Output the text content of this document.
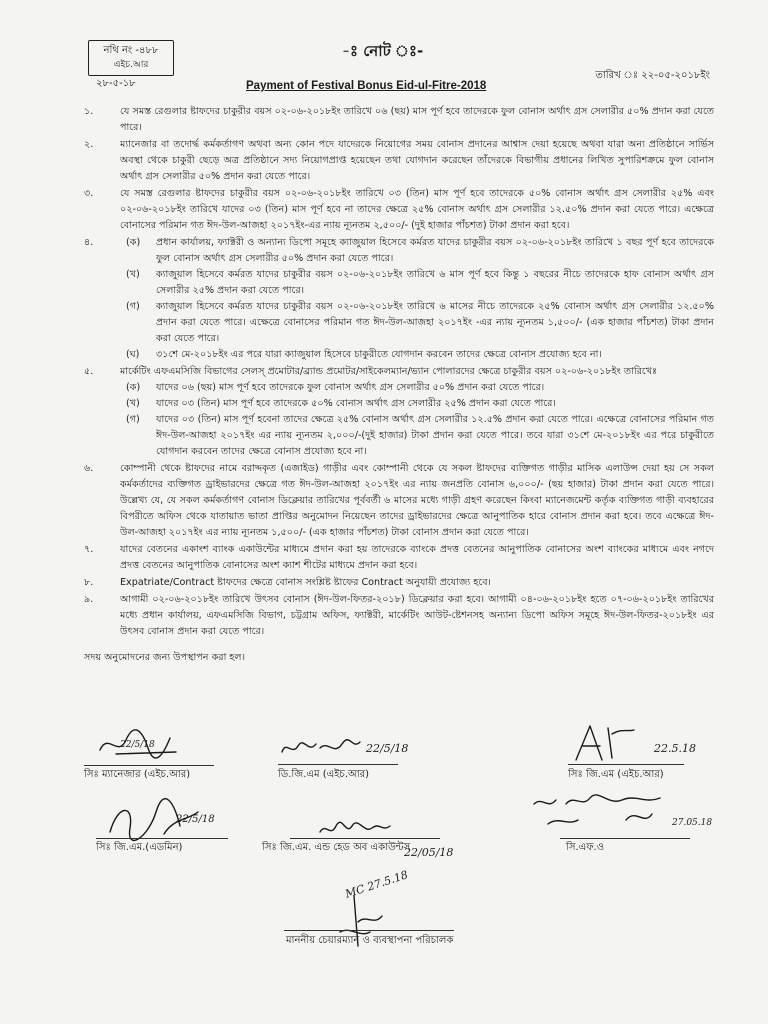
নথি নং -৪৮৮
এইচ.আর
২৮-৫-১৮
-ঃ নোট ঃ-
তারিখ ঃ ২২-০৫-২০১৮ইং
Payment of Festival Bonus Eid-ul-Fitre-2018
১.	যে সমস্ত রেগুলার ষ্টাফদের চাকুরীর বয়স ০২-০৬-২০১৮ইং তারিখে ০৬ (ছয়) মাস পূর্ণ হবে তাদেরকে ফুল বোনাস অর্থাৎ গ্রস সেলারীর ৫০% প্রদান করা যেতে পারে।
২.	ম্যানেজার বা তদোর্দ্ধ কর্মকর্তাগণ অথবা অন্য কোন পদে যাদেরকে নিয়োগের সময় বোনাস প্রদানের আশ্বাস দেয়া হয়েছে অথবা যারা অন্য প্রতিষ্ঠানে সার্ভিস অবস্থা থেকে চাকুরী ছেড়ে অত্র প্রতিষ্ঠানে সদ্য নিয়োগপ্রাপ্ত হয়েছেন তথা যোগদান করেছেন তাঁদেরকে বিভাগীয় প্রধানের লিখিত সুপারিশক্রমে ফুল বোনাস অর্থাৎ গ্রস সেলারীর ৫০% প্রদান করা যেতে পারে।
৩.	যে সমস্ত রেগুলার ষ্টাফদের চাকুরীর বয়স ০২-০৬-২০১৮ইং তারিখে ০৩ (তিন) মাস পূর্ণ হবে তাদেরকে ৫০% বোনাস অর্থাৎ গ্রস সেলারীর ২৫% এবং ০২-০৬-২০১৮ইং তারিখে যাদের ০৩ (তিন) মাস পূর্ণ হবে না তাদের ক্ষেত্রে ২৫% বোনাস অর্থাৎ গ্রস সেলারীর ১২.৫০% প্রদান করা যেতে পারে। এক্ষেত্রে বোনাসের পরিমান গত ঈদ-উল-আজহা ২০১৭ইং-এর ন্যায় ন্যূনতম ২,৫০০/- (দুই হাজার পাঁচশত) টাকা প্রদান করা হবে।
৪.	(ক) প্রধান কার্যালয়, ফ্যাক্টরী ও অন্যান্য ডিপো সমূহে ক্যাজুয়াল হিসেবে কর্মরত যাদের চাকুরীর বয়স ০২-০৬-২০১৮ইং তারিখে ১ বছর পূর্ণ হবে তাদেরকে ফুল বোনাস অর্থাৎ গ্রস সেলারীর ৫০% প্রদান করা যেতে পারে।
(খ) ক্যাজুয়াল হিসেবে কর্মরত যাদের চাকুরীর বয়স ০২-০৬-২০১৮ইং তারিখে ৬ মাস পূর্ণ হবে কিন্তু ১ বছরের নীচে তাদেরকে হাফ বোনাস অর্থাৎ গ্রস সেলারীর ২৫% প্রদান করা যেতে পারে।
(গ) ক্যাজুয়াল হিসেবে কর্মরত যাদের চাকুরীর বয়স ০২-০৬-২০১৮ইং তারিখে ৬ মাসের নীচে তাদেরকে ২৫% বোনাস অর্থাৎ গ্রস সেলারীর ১২.৫০% প্রদান করা যেতে পারে। এক্ষেত্রে বোনাসের পরিমান গত ঈদ-উল-আজহা ২০১৭ইং -এর ন্যায় ন্যূনতম ১,৫০০/- (এক হাজার পাঁচশত) টাকা প্রদান করা যেতে পারে।
(ঘ) ৩১শে মে-২০১৮ইং এর পরে যারা ক্যাজুয়াল হিসেবে চাকুরীতে যোগদান করবেন তাদের ক্ষেত্রে বোনাস প্রযোজ্য হবে না।
৫.	মার্কেটিং এফএমসিজি বিভাগের সেলস্ প্রমোটার/ব্র্যান্ড প্রমোটর/সাইকেলম্যান/ভ্যান পোলারদের ক্ষেত্রে চাকুরীর বয়স ০২-০৬-২০১৮ইং তারিখেঃ
(ক) যাদের ০৬ (ছয়) মাস পূর্ণ হবে তাদেরকে ফুল বোনাস অর্থাৎ গ্রস সেলারীর ৫০% প্রদান করা যেতে পারে।
(খ) যাদের ০৩ (তিন) মাস পূর্ণ হবে তাদেরকে ৫০% বোনাস অর্থাৎ গ্রস সেলারীর ২৫% প্রদান করা যেতে পারে।
(গ) যাদের ০৩ (তিন) মাস পূর্ণ হবেনা তাদের ক্ষেত্রে ২৫% বোনাস অর্থাৎ গ্রস সেলারীর ১২.৫% প্রদান করা যেতে পারে। এক্ষেত্রে বোনাসের পরিমান গত ঈদ-উল-আজহা ২০১৭ইং এর ন্যায় ন্যূনতম ২,০০০/-(দুই হাজার) টাকা প্রদান করা যেতে পারে। তবে যারা ৩১শে মে-২০১৮ইং এর পরে চাকুরীতে যোগদান করবেন তাদের ক্ষেত্রে বোনাস প্রযোজ্য হবে না।
৬.	কোম্পানী থেকে ষ্টাফদের নামে বরাদ্দকৃত (এজাইড) গাড়ীর এবং কোম্পানী থেকে যে সকল ষ্টাফদের ব্যক্তিগত গাড়ীর মাসিক এলাউন্স দেয়া হয় সে সকল কর্মকর্তাদের ব্যক্তিগত ড্রাইভারদের ক্ষেত্রে গত ঈদ-উল-আজহা ২০১৭ইং এর ন্যায় জনপ্রতি বোনাস ৬,০০০/- (ছয় হাজার) টাকা প্রদান করা যেতে পারে। উল্লেখ্য যে, যে সকল কর্মকর্তাগণ বোনাস ডিক্লেয়ার তারিখের পূর্ববর্তী ৬ মাসের মধ্যে গাড়ী গ্রহণ করেছেন কিংবা ম্যানেজমেন্ট কর্তৃক ব্যক্তিগত গাড়ী ব্যবহারের বিপরীতে অফিস থেকে যাতায়াত ভাতা প্রাপ্তির অনুমোদন নিয়েছেন তাদের ড্রাইভারদের ক্ষেত্রে আনুপাতিক হারে বোনাস প্রদান করা হবে। তবে এক্ষেত্রে ঈদ-উল-আজহা ২০১৭ইং এর ন্যায় ন্যূনতম ১,৫০০/- (এক হাজার পাঁচশত) টাকা বোনাস প্রদান করা যেতে পারে।
৭.	যাদের বেতনের একাংশ ব্যাংক একাউন্টের মাধ্যমে প্রদান করা হয় তাদেরকে ব্যাংকে প্রদত্ত বেতনের আনুপাতিক বোনাসের অংশ ব্যাংকের মাধ্যমে এবং নগদে প্রদত্ত বেতনের আনুপাতিক বোনাসের অংশ ক্যাশ শীটের মাধ্যমে প্রদান করা হবে।
৮.	Expatriate/Contract ষ্টাফদের ক্ষেত্রে বোনাস সংশ্লিষ্ট ষ্টাফের Contract অনুযায়ী প্রযোজ্য হবে।
৯.	আগামী ০২-০৬-২০১৮ইং তারিখে উৎসব বোনাস (ঈদ-উল-ফিতর-২০১৮) ডিক্লেয়ার করা হবে। আগামী ০৪-০৬-২০১৮ইং হতে ০৭-০৬-২০১৮ইং তারিখের মধ্যে প্রধান কার্যালয়, এফএমসিজি বিভাগ, চট্টগ্রাম অফিস, ফ্যাক্টরী, মার্কেটিং আউট-ষ্টেশনসহ অন্যান্য ডিপো অফিস সমূহে ঈদ-উল-ফিতর-২০১৮ইং এর উৎসব বোনাস প্রদান করা যেতে পারে।
সদয় অনুমোদনের জন্য উপস্থাপন করা হল।
22/5/18
সিঃ ম্যানেজার (এইচ.আর)
22/5/18
ডি.জি.এম (এইচ.আর)
22.5.18
সিঃ জি.এম (এইচ.আর)
22/5/18
সিঃ জি.এম.(এডমিন)	22/05/18
সিঃ জি.এম. এন্ড হেড অব একাউন্টস
27.05.18
সি.এফ.ও
MC 27.5.18
মাননীয় চেয়ারম্যান ও ব্যবস্থাপনা পরিচালক
